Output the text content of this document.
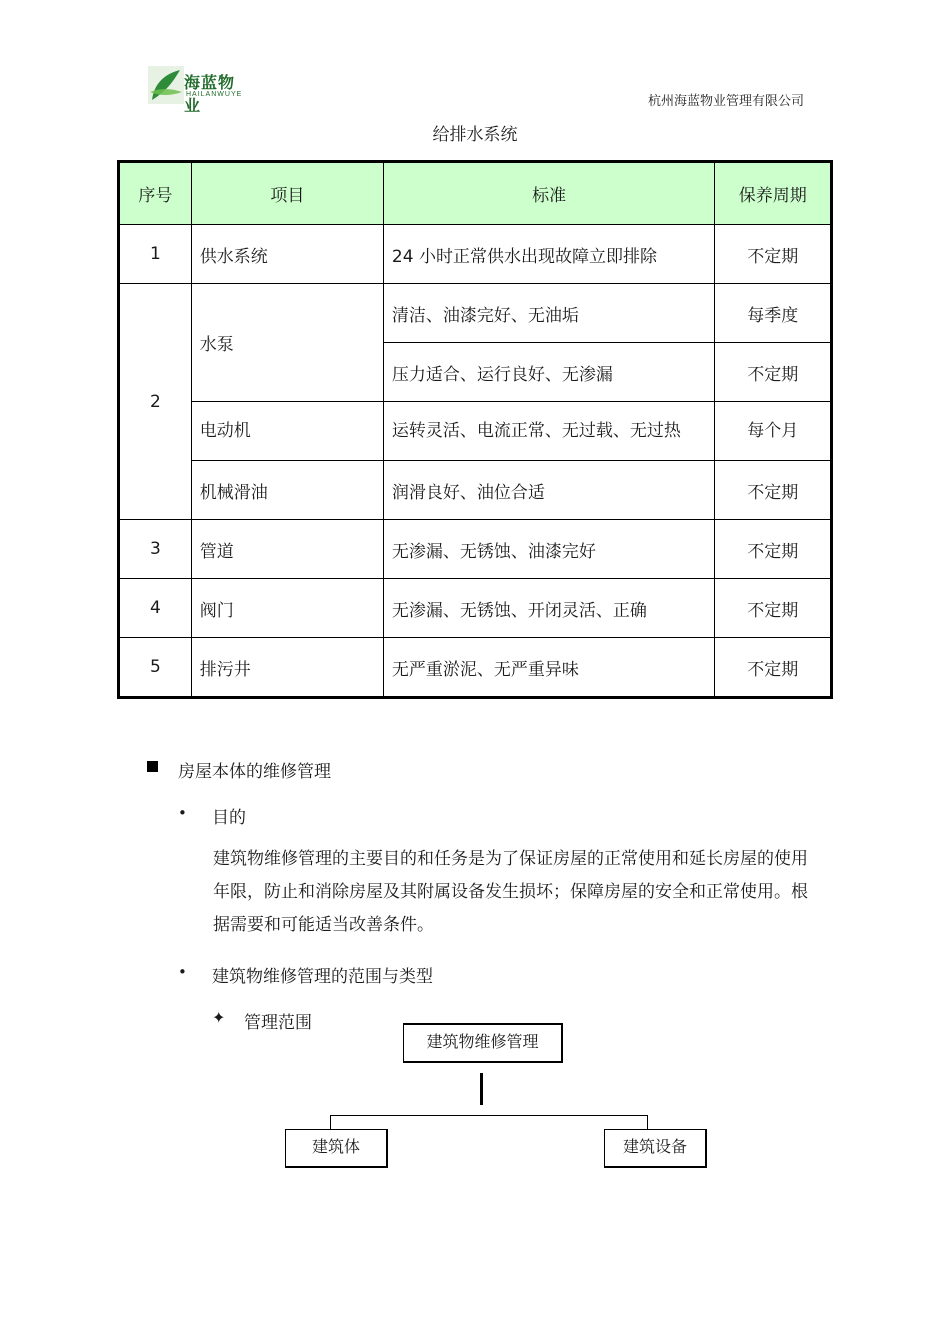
海蓝物业
HAILANWUYE	杭州海蓝物业管理有限公司
给排水系统
序号	项目	标准	保养周期
1	供水系统	24 小时正常供水出现故障立即排除	不定期
2	水泵	清洁、油漆完好、无油垢	每季度
		压力适合、运行良好、无渗漏	不定期
	电动机	运转灵活、电流正常、无过载、无过热	每个月
	机械滑油	润滑良好、油位合适	不定期
3	管道	无渗漏、无锈蚀、油漆完好	不定期
4	阀门	无渗漏、无锈蚀、开闭灵活、正确	不定期
5	排污井	无严重淤泥、无严重异味	不定期
房屋本体的维修管理
• 目的
建筑物维修管理的主要目的和任务是为了保证房屋的正常使用和延长房屋的使用年限，防止和消除房屋及其附属设备发生损坏；保障房屋的安全和正常使用。根据需要和可能适当改善条件。
• 建筑物维修管理的范围与类型
✦ 管理范围
建筑物维修管理
建筑体	建筑设备
